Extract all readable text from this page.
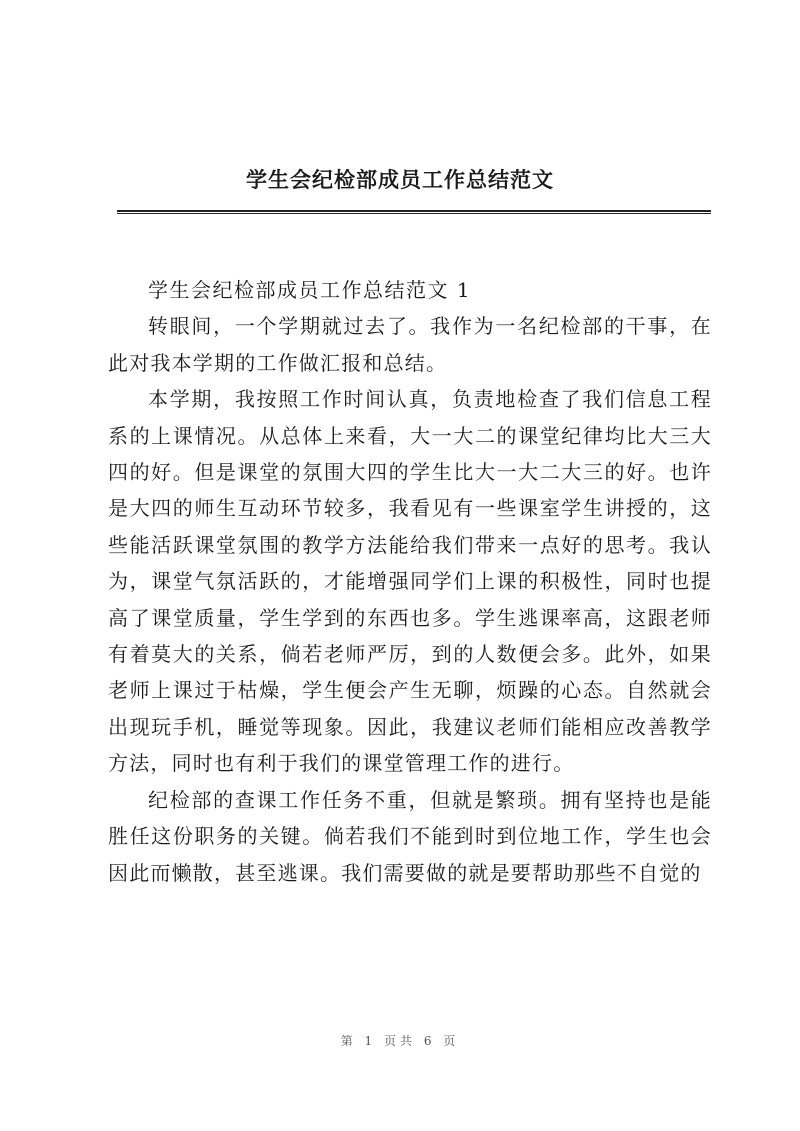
学生会纪检部成员工作总结范文

学生会纪检部成员工作总结范文 1

转眼间，一个学期就过去了。我作为一名纪检部的干事，在此对我本学期的工作做汇报和总结。

本学期，我按照工作时间认真，负责地检查了我们信息工程系的上课情况。从总体上来看，大一大二的课堂纪律均比大三大四的好。但是课堂的氛围大四的学生比大一大二大三的好。也许是大四的师生互动环节较多，我看见有一些课室学生讲授的，这些能活跃课堂氛围的教学方法能给我们带来一点好的思考。我认为，课堂气氛活跃的，才能增强同学们上课的积极性，同时也提高了课堂质量，学生学到的东西也多。学生逃课率高，这跟老师有着莫大的关系，倘若老师严厉，到的人数便会多。此外，如果老师上课过于枯燥，学生便会产生无聊，烦躁的心态。自然就会出现玩手机，睡觉等现象。因此，我建议老师们能相应改善教学方法，同时也有利于我们的课堂管理工作的进行。

纪检部的查课工作任务不重，但就是繁琐。拥有坚持也是能胜任这份职务的关键。倘若我们不能到时到位地工作，学生也会因此而懒散，甚至逃课。我们需要做的就是要帮助那些不自觉的

第 1 页共 6 页
